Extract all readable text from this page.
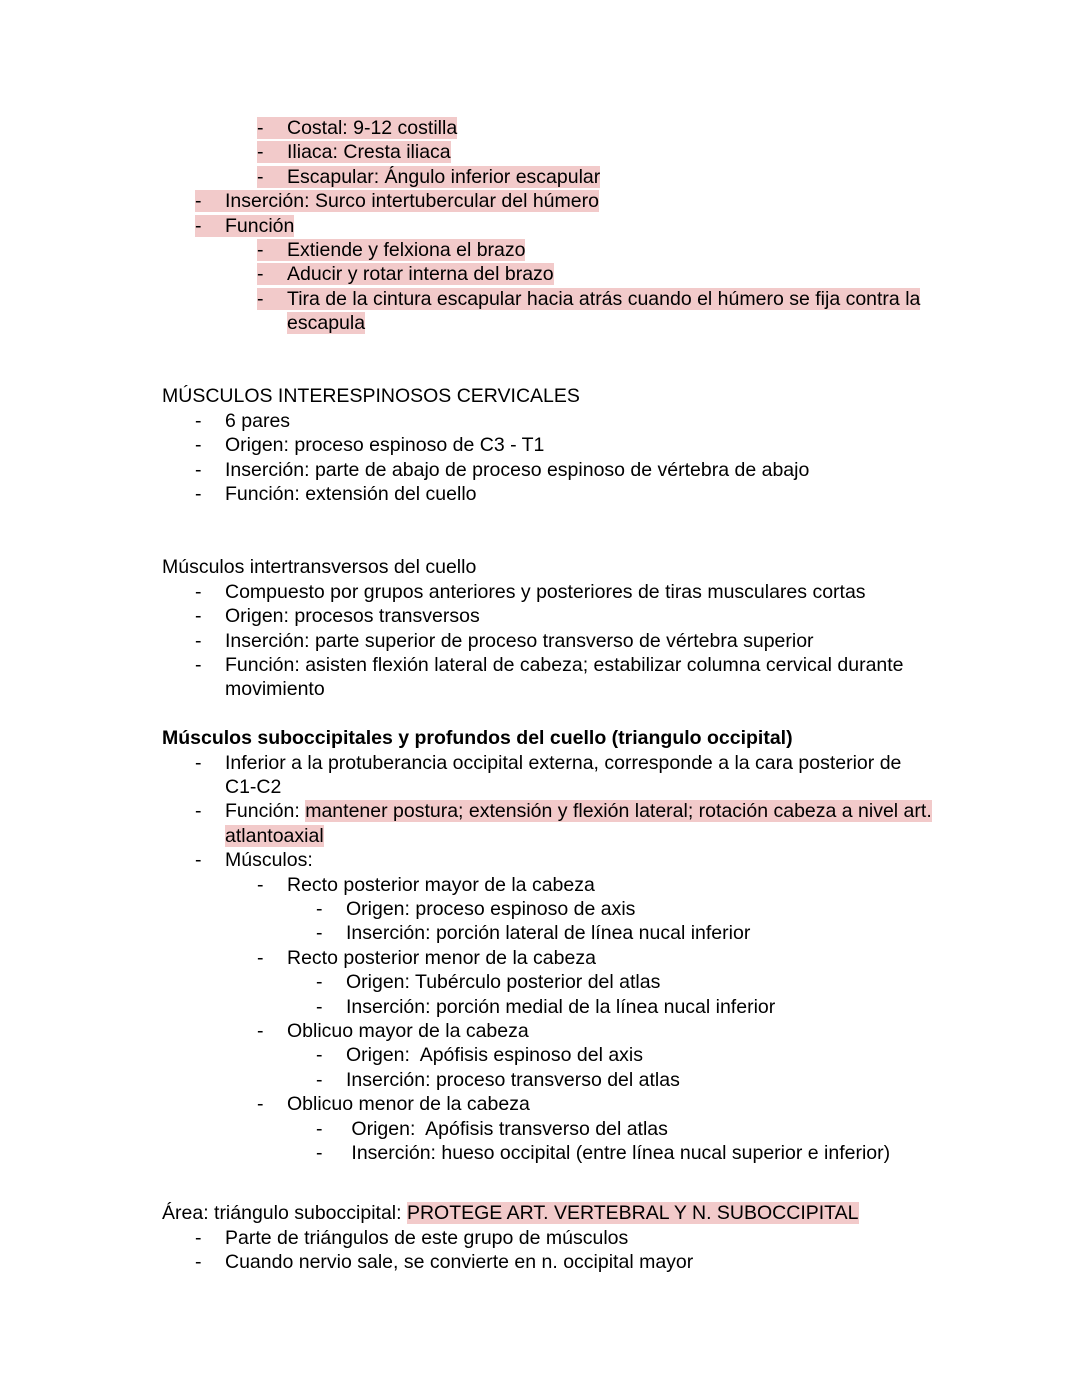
- Costal: 9-12 costilla
- Iliaca: Cresta iliaca
- Escapular: Ángulo inferior escapular
- Inserción: Surco intertubercular del húmero
- Función
- Extiende y felxiona el brazo
- Aducir y rotar interna del brazo
- Tira de la cintura escapular hacia atrás cuando el húmero se fija contra la
escapula
MÚSCULOS INTERESPINOSOS CERVICALES
- 6 pares
- Origen: proceso espinoso de C3 - T1
- Inserción: parte de abajo de proceso espinoso de vértebra de abajo
- Función: extensión del cuello
Músculos intertransversos del cuello
- Compuesto por grupos anteriores y posteriores de tiras musculares cortas
- Origen: procesos transversos
- Inserción: parte superior de proceso transverso de vértebra superior
- Función: asisten flexión lateral de cabeza; estabilizar columna cervical durante
movimiento
Músculos suboccipitales y profundos del cuello (triangulo occipital)
- Inferior a la protuberancia occipital externa, corresponde a la cara posterior de
C1-C2
- Función: mantener postura; extensión y flexión lateral; rotación cabeza a nivel art.
atlantoaxial
- Músculos:
- Recto posterior mayor de la cabeza
- Origen: proceso espinoso de axis
- Inserción: porción lateral de línea nucal inferior
- Recto posterior menor de la cabeza
- Origen: Tubérculo posterior del atlas
- Inserción: porción medial de la línea nucal inferior
- Oblicuo mayor de la cabeza
- Origen:  Apófisis espinoso del axis
- Inserción: proceso transverso del atlas
- Oblicuo menor de la cabeza
- Origen:  Apófisis transverso del atlas
- Inserción: hueso occipital (entre línea nucal superior e inferior)
Área: triángulo suboccipital: PROTEGE ART. VERTEBRAL Y N. SUBOCCIPITAL
- Parte de triángulos de este grupo de músculos
- Cuando nervio sale, se convierte en n. occipital mayor
